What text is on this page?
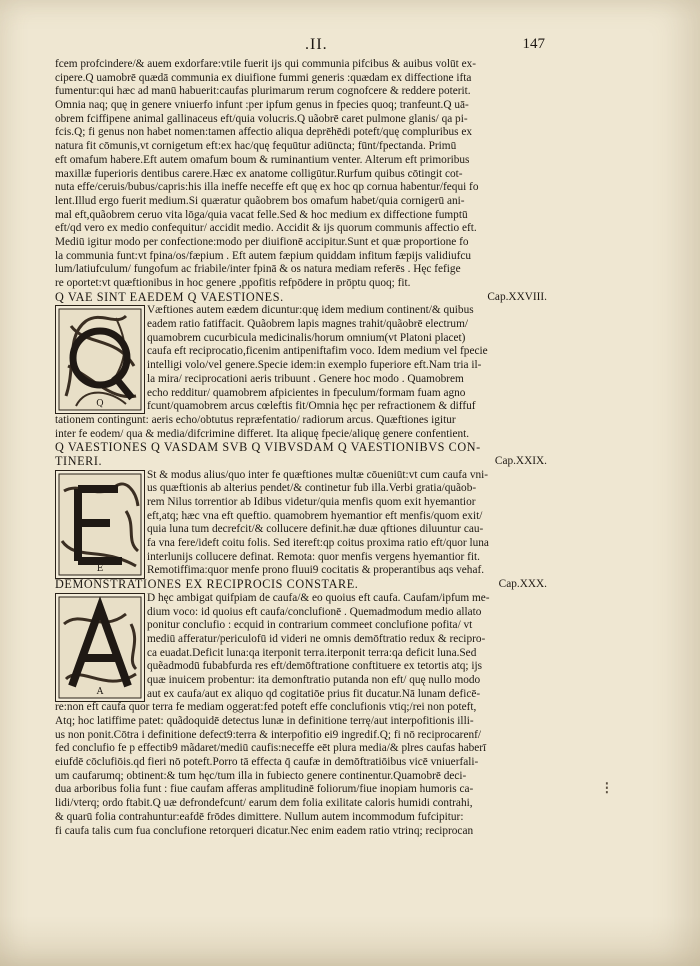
.II.	147
fcem profcindere/& auem exdorfare:vtile fuerit ijs qui communia pifcibus & auibus volūt ex-
cipere.Q uamobrē quædā communia ex diuifione fummi generis :quædam ex diffectione ifta
fumentur:qui hæc ad manū habuerit:caufas plurimarum rerum cognofcere & reddere poterit.
Omnia naq; quę in genere vniuerfo infunt :per ipfum genus in fpecies quoq; tranfeunt.Q uā-
obrem fciffipene animal gallinaceus eft/quia volucris.Q uãobrē caret pulmone glanis/ qa pi-
fcis.Q; fi genus non habet nomen:tamen affectio aliqua deprēhēdi poteft/quę compluribus ex
natura fit cōmunis,vt cornigetum eft:ex hac/quę fequūtur adiūncta; fūnt/fpectanda. Primū
eft omafum habere.Eft autem omafum boum & ruminantium venter. Alterum eft primoribus
maxillæ fuperioris dentibus carere.Hæc ex anatome colligūtur.Rurfum quibus cōtingit cot-
nuta effe/ceruis/bubus/capris:his illa ineffe neceffe eft quę ex hoc qp cornua habentur/fequi fo
lent.Illud ergo fuerit medium.Si quæratur quãobrem bos omafum habet/quia cornigerū ani-
mal eft,quãobrem ceruo vita lōga/quia vacat felle.Sed & hoc medium ex diffectione fumptū
eft/qd vero ex medio confequitur/ accidit medio. Accidit & ijs quorum communis affectio eft.
Mediū igitur modo per confectione:modo per diuifionē accipitur.Sunt et quæ proportione fo
la communia funt:vt fpina/os/fæpium . Eft autem fæpium quiddam infitum fæpijs validiufcu
lum/latiufculum/ fungofum ac friabile/inter fpinā & os natura mediam referēs . Hęc fefige
re oportet:vt quæftionibus in hoc genere ,ppofitis refpōdere in prōptu quoq; fit.
Q VAE SINT EAEDEM Q VAESTIONES.	Cap.XXVIII.
Q
Væftiones autem eædem dicuntur:quę idem medium continent/& quibus
eadem ratio fatiffacit. Quãobrem lapis magnes trahit/quãobrē electrum/
quamobrem cucurbicula medicinalis/horum omnium(vt Platoni placet)
caufa eft reciprocatio,ficenim antipeniftafim voco. Idem medium vel fpecie
intelligi volo/vel genere.Specie idem:in exemplo fuperiore eft.Nam tria il-
la mira/ reciprocationi aeris tribuunt . Genere hoc modo . Quamobrem
echo redditur/ quamobrem afpicientes in fpeculum/formam fuam agno
fcunt/quamobrem arcus cœleftis fit/Omnia hęc per refractionem & diffuf
tationem contingunt: aeris echo/obtutus repræfentatio/ radiorum arcus. Quæftiones igitur
inter fe eodem/ qua & media/difcrimine differet. Ita aliquę fpecie/aliquę genere confentient.
Q VAESTIONES Q VASDAM SVB Q VIBVSDAM Q VAESTIONIBVS CON-
TINERI.	Cap.XXIX.
E
St & modus alius/quo inter fe quæftiones multæ cōueniūt:vt cum caufa vni-
us quæftionis ab alterius pendet/& continetur fub illa.Verbi gratia/quãob-
rem Nilus torrentior ab Idibus videtur/quia menfis quom exit hyemantior
eft,atq; hæc vna eft queftio. quamobrem hyemantior eft menfis/quom exit/
quia luna tum decrefcit/& collucere definit.hæ duæ qftiones diluuntur cau-
fa vna fere/ideft coitu folis. Sed itereft:qp coitus proxima ratio eft/quor luna
interlunijs collucere definat. Remota: quor menfis vergens hyemantior fit.
Remotiffima:quor menfe prono fluui9 cocitatis & properantibus aqs vehaf.
DEMONSTRATIONES EX RECIPROCIS CONSTARE.	Cap.XXX.
A
D hęc ambigat quifpiam de caufa/& eo quoius eft caufa. Caufam/ipfum me-
dium voco: id quoius eft caufa/conclufionē . Quemadmodum medio allato
ponitur conclufio : ecquid in contrarium commeet conclufione pofita/ vt
mediū afferatur/periculofū id videri ne omnis demōftratio redux & recipro-
ca euadat.Deficit luna:qa iterponit terra.iterponit terra:qa deficit luna.Sed
quẽadmodū fubabfurda res eft/demōftratione conftituere ex tetortis atq; ijs
quæ inuicem probentur: ita demonftratio putanda non eft/ quę nullo modo
aut ex caufa/aut ex aliquo qd cogitatiōe prius fit ducatur.Nā lunam deficē-
re:non eft caufa quor terra fe mediam oggerat:fed poteft effe conclufionis vtiq;/rei non poteft,
Atq; hoc latiffime patet: quãdoquidē detectus lunæ in definitione terrę/aut interpofitionis illi-
us non ponit.Cōtra i definitione defect9:terra & interpofitio ei9 ingredif.Q; fi nō reciprocarenf/
fed conclufio fe p effectib9 mãdaret/mediū caufis:neceffe eēt plura media/& plres caufas haberī
eiufdē cōclufiōis.qd fieri nō poteft.Porro tā effecta q̄ caufæ in demōftratiōibus vicē vniuerfali-
um caufarumq; obtinent:& tum hęc/tum illa in fubiecto genere continentur.Quamobrē deci-
dua arboribus folia funt : fiue caufam afferas amplitudinē foliorum/fiue inopiam humoris ca-
lidi/vterq; ordo ftabit.Q uæ defrondefcunt/ earum dem folia exilitate caloris humidi contrahi,
& quarū folia contrahuntur:eafdē frōdes dimittere. Nullum autem incommodum fufcipitur:
fi caufa talis cum fua conclufione retorqueri dicatur.Nec enim eadem ratio vtrinq; reciprocan
⁝
